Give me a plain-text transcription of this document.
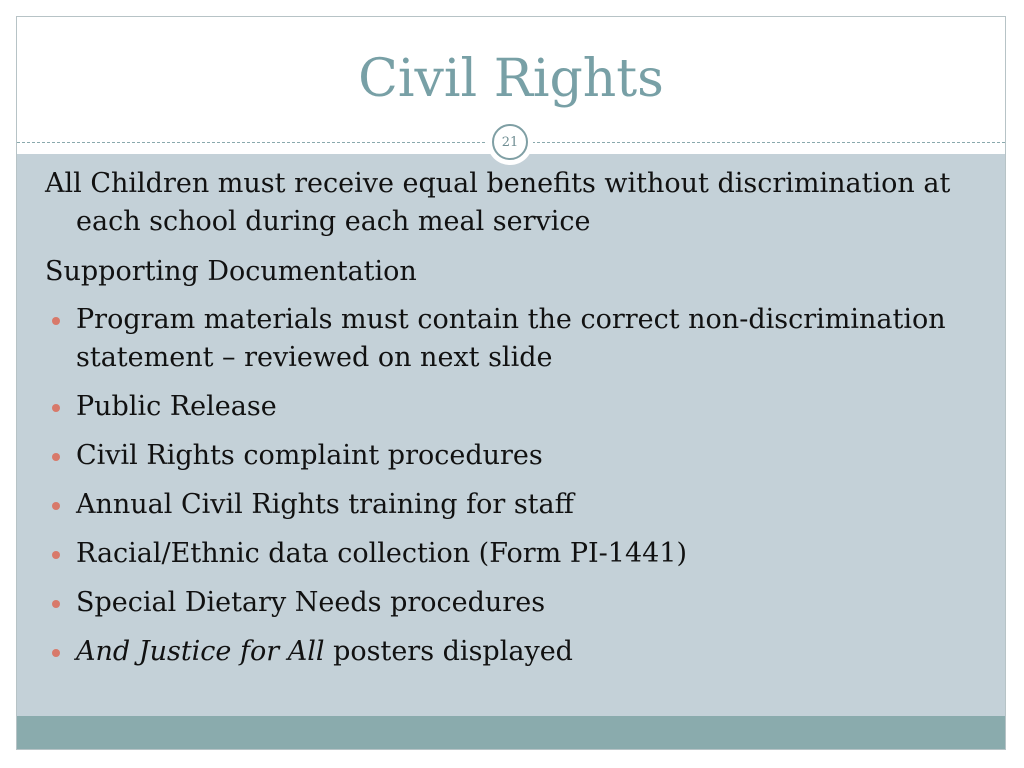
Civil Rights
21

All Children must receive equal benefits without discrimination at each school during each meal service

Supporting Documentation

Program materials must contain the correct non-discrimination statement – reviewed on next slide
Public Release
Civil Rights complaint procedures
Annual Civil Rights training for staff
Racial/Ethnic data collection (Form PI-1441)
Special Dietary Needs procedures
And Justice for All posters displayed
